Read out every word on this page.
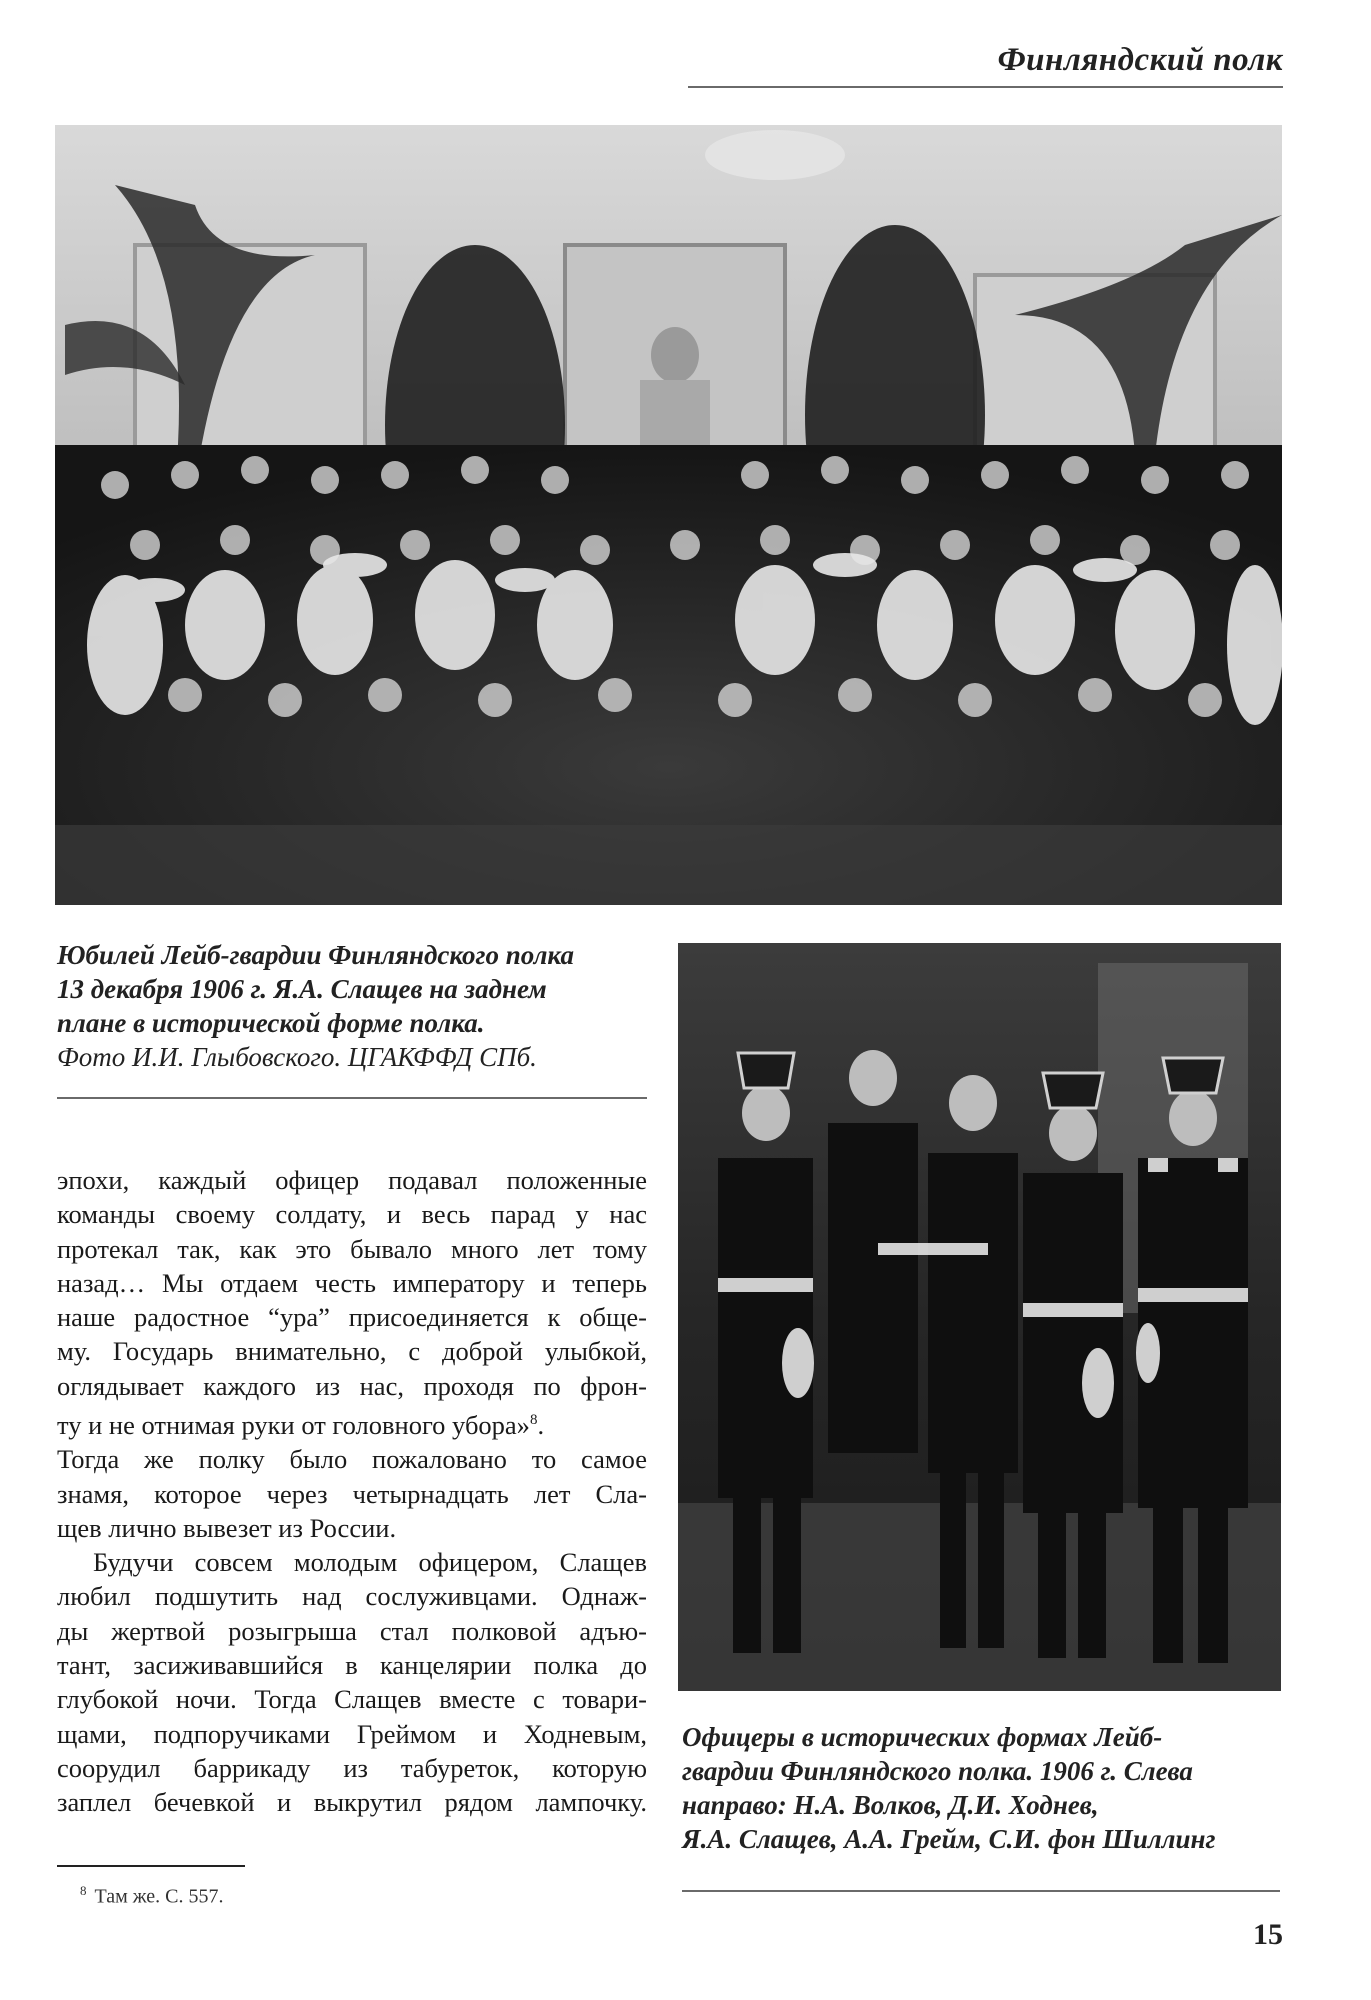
Финляндский полк
Юбилей Лейб-гвардии Финляндского полка
13 декабря 1906 г. Я.А. Слащев на заднем
плане в исторической форме полка.
Фото И.И. Глыбовского. ЦГАКФФД СПб.
Офицеры в исторических формах Лейб-
гвардии Финляндского полка. 1906 г. Слева
направо: Н.А. Волков, Д.И. Ходнев,
Я.А. Слащев, А.А. Грейм, С.И. фон Шиллинг
эпохи, каждый офицер подавал положенные
команды своему солдату, и весь парад у нас
протекал так, как это бывало много лет тому
назад… Мы отдаем честь императору и теперь
наше радостное “ура” присоединяется к обще-
му. Государь внимательно, с доброй улыбкой,
оглядывает каждого из нас, проходя по фрон-
ту и не отнимая руки от головного убора»$^8$.
Тогда же полку было пожаловано то самое
знамя, которое через четырнадцать лет Сла-
щев лично вывезет из России.
Будучи совсем молодым офицером, Слащев
любил подшутить над сослуживцами. Однаж-
ды жертвой розыгрыша стал полковой адъю-
тант, засиживавшийся в канцелярии полка до
глубокой ночи. Тогда Слащев вместе с товари-
щами, подпоручиками Греймом и Ходневым,
соорудил баррикаду из табуреток, которую
заплел бечевкой и выкрутил рядом лампочку.
$^8$ Там же. С. 557.
15
